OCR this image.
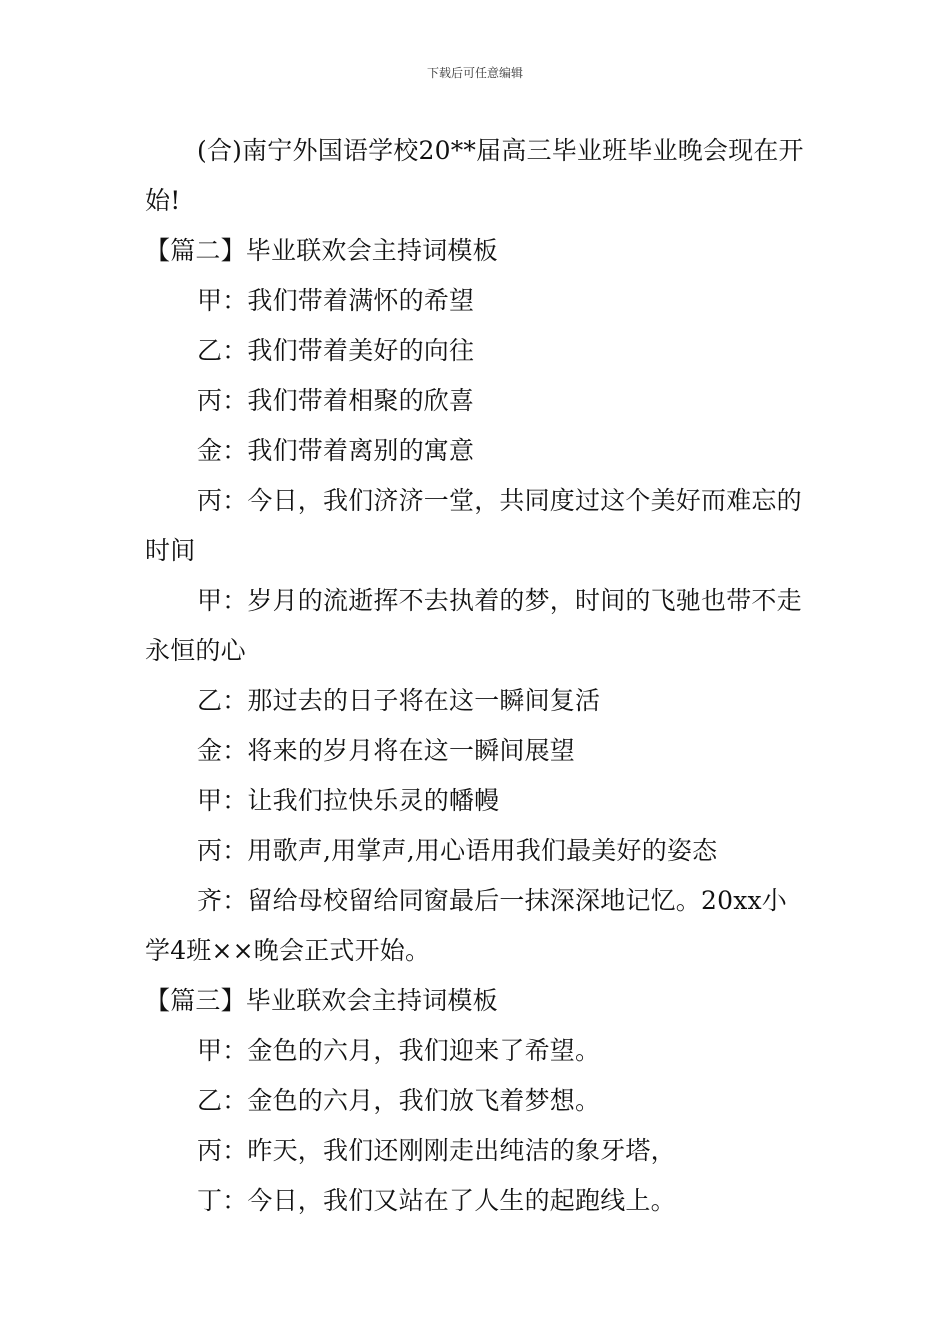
下载后可任意编辑

(合)南宁外国语学校20**届高三毕业班毕业晚会现在开始!

【篇二】毕业联欢会主持词模板

甲：我们带着满怀的希望

乙：我们带着美好的向往

丙：我们带着相聚的欣喜

金：我们带着离别的寓意

丙：今日，我们济济一堂，共同度过这个美好而难忘的时间

甲：岁月的流逝挥不去执着的梦，时间的飞驰也带不走永恒的心

乙：那过去的日子将在这一瞬间复活

金：将来的岁月将在这一瞬间展望

甲：让我们拉快乐灵的幡幔

丙：用歌声,用掌声,用心语用我们最美好的姿态

齐：留给母校留给同窗最后一抹深深地记忆。20xx小学4班××晚会正式开始。

【篇三】毕业联欢会主持词模板

甲：金色的六月，我们迎来了希望。

乙：金色的六月，我们放飞着梦想。

丙：昨天，我们还刚刚走出纯洁的象牙塔，

丁：今日，我们又站在了人生的起跑线上。
